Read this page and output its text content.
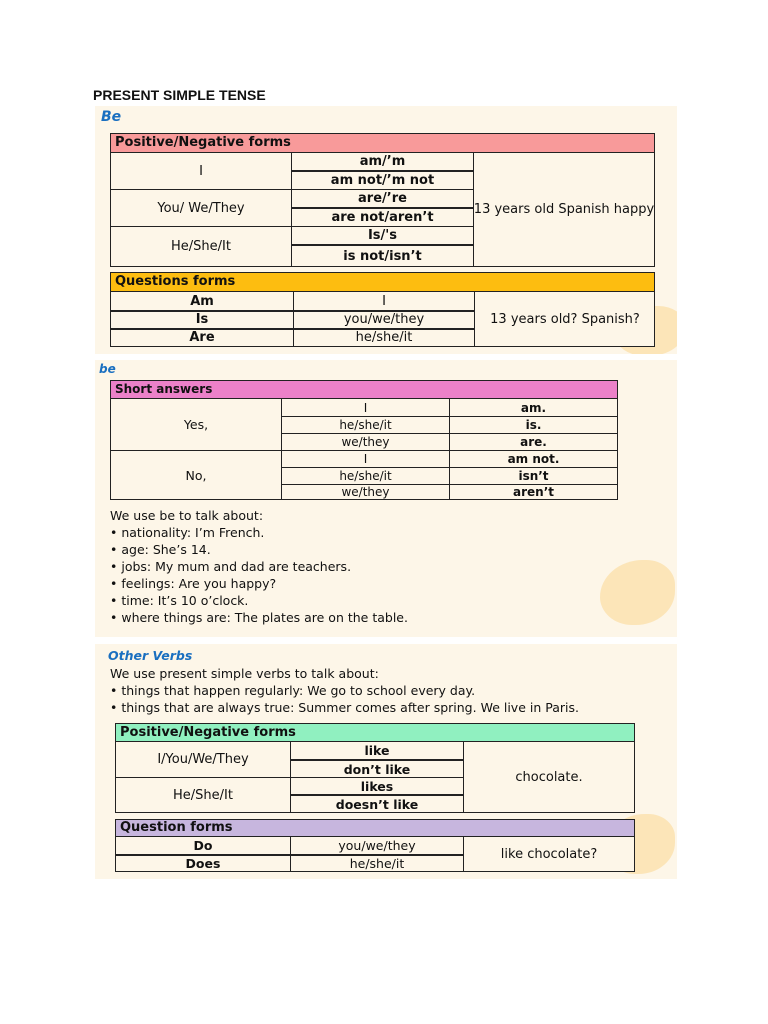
PRESENT SIMPLE TENSE
Be
Positive/Negative forms
I
You/ We/They
He/She/It
am/’m
am not/’m not
are/’re
are not/aren’t
Is/'s
is not/isn’t
13 years old Spanish happy
Questions forms
Am
Is
Are
I
you/we/they
he/she/it
13 years old? Spanish?
be
Short answers
Yes,
No,
I
he/she/it
we/they
I
he/she/it
we/they
am.
is.
are.
am not.
isn’t
aren’t
We use be to talk about:
• nationality: I’m French.
• age: She’s 14.
• jobs: My mum and dad are teachers.
• feelings: Are you happy?
• time: It’s 10 o’clock.
• where things are: The plates are on the table.
Other Verbs
We use present simple verbs to talk about:
• things that happen regularly: We go to school every day.
• things that are always true: Summer comes after spring. We live in Paris.
Positive/Negative forms
I/You/We/They
He/She/It
like
don’t like
likes
doesn’t like
chocolate.
Question forms
Do
Does
you/we/they
he/she/it
like chocolate?
